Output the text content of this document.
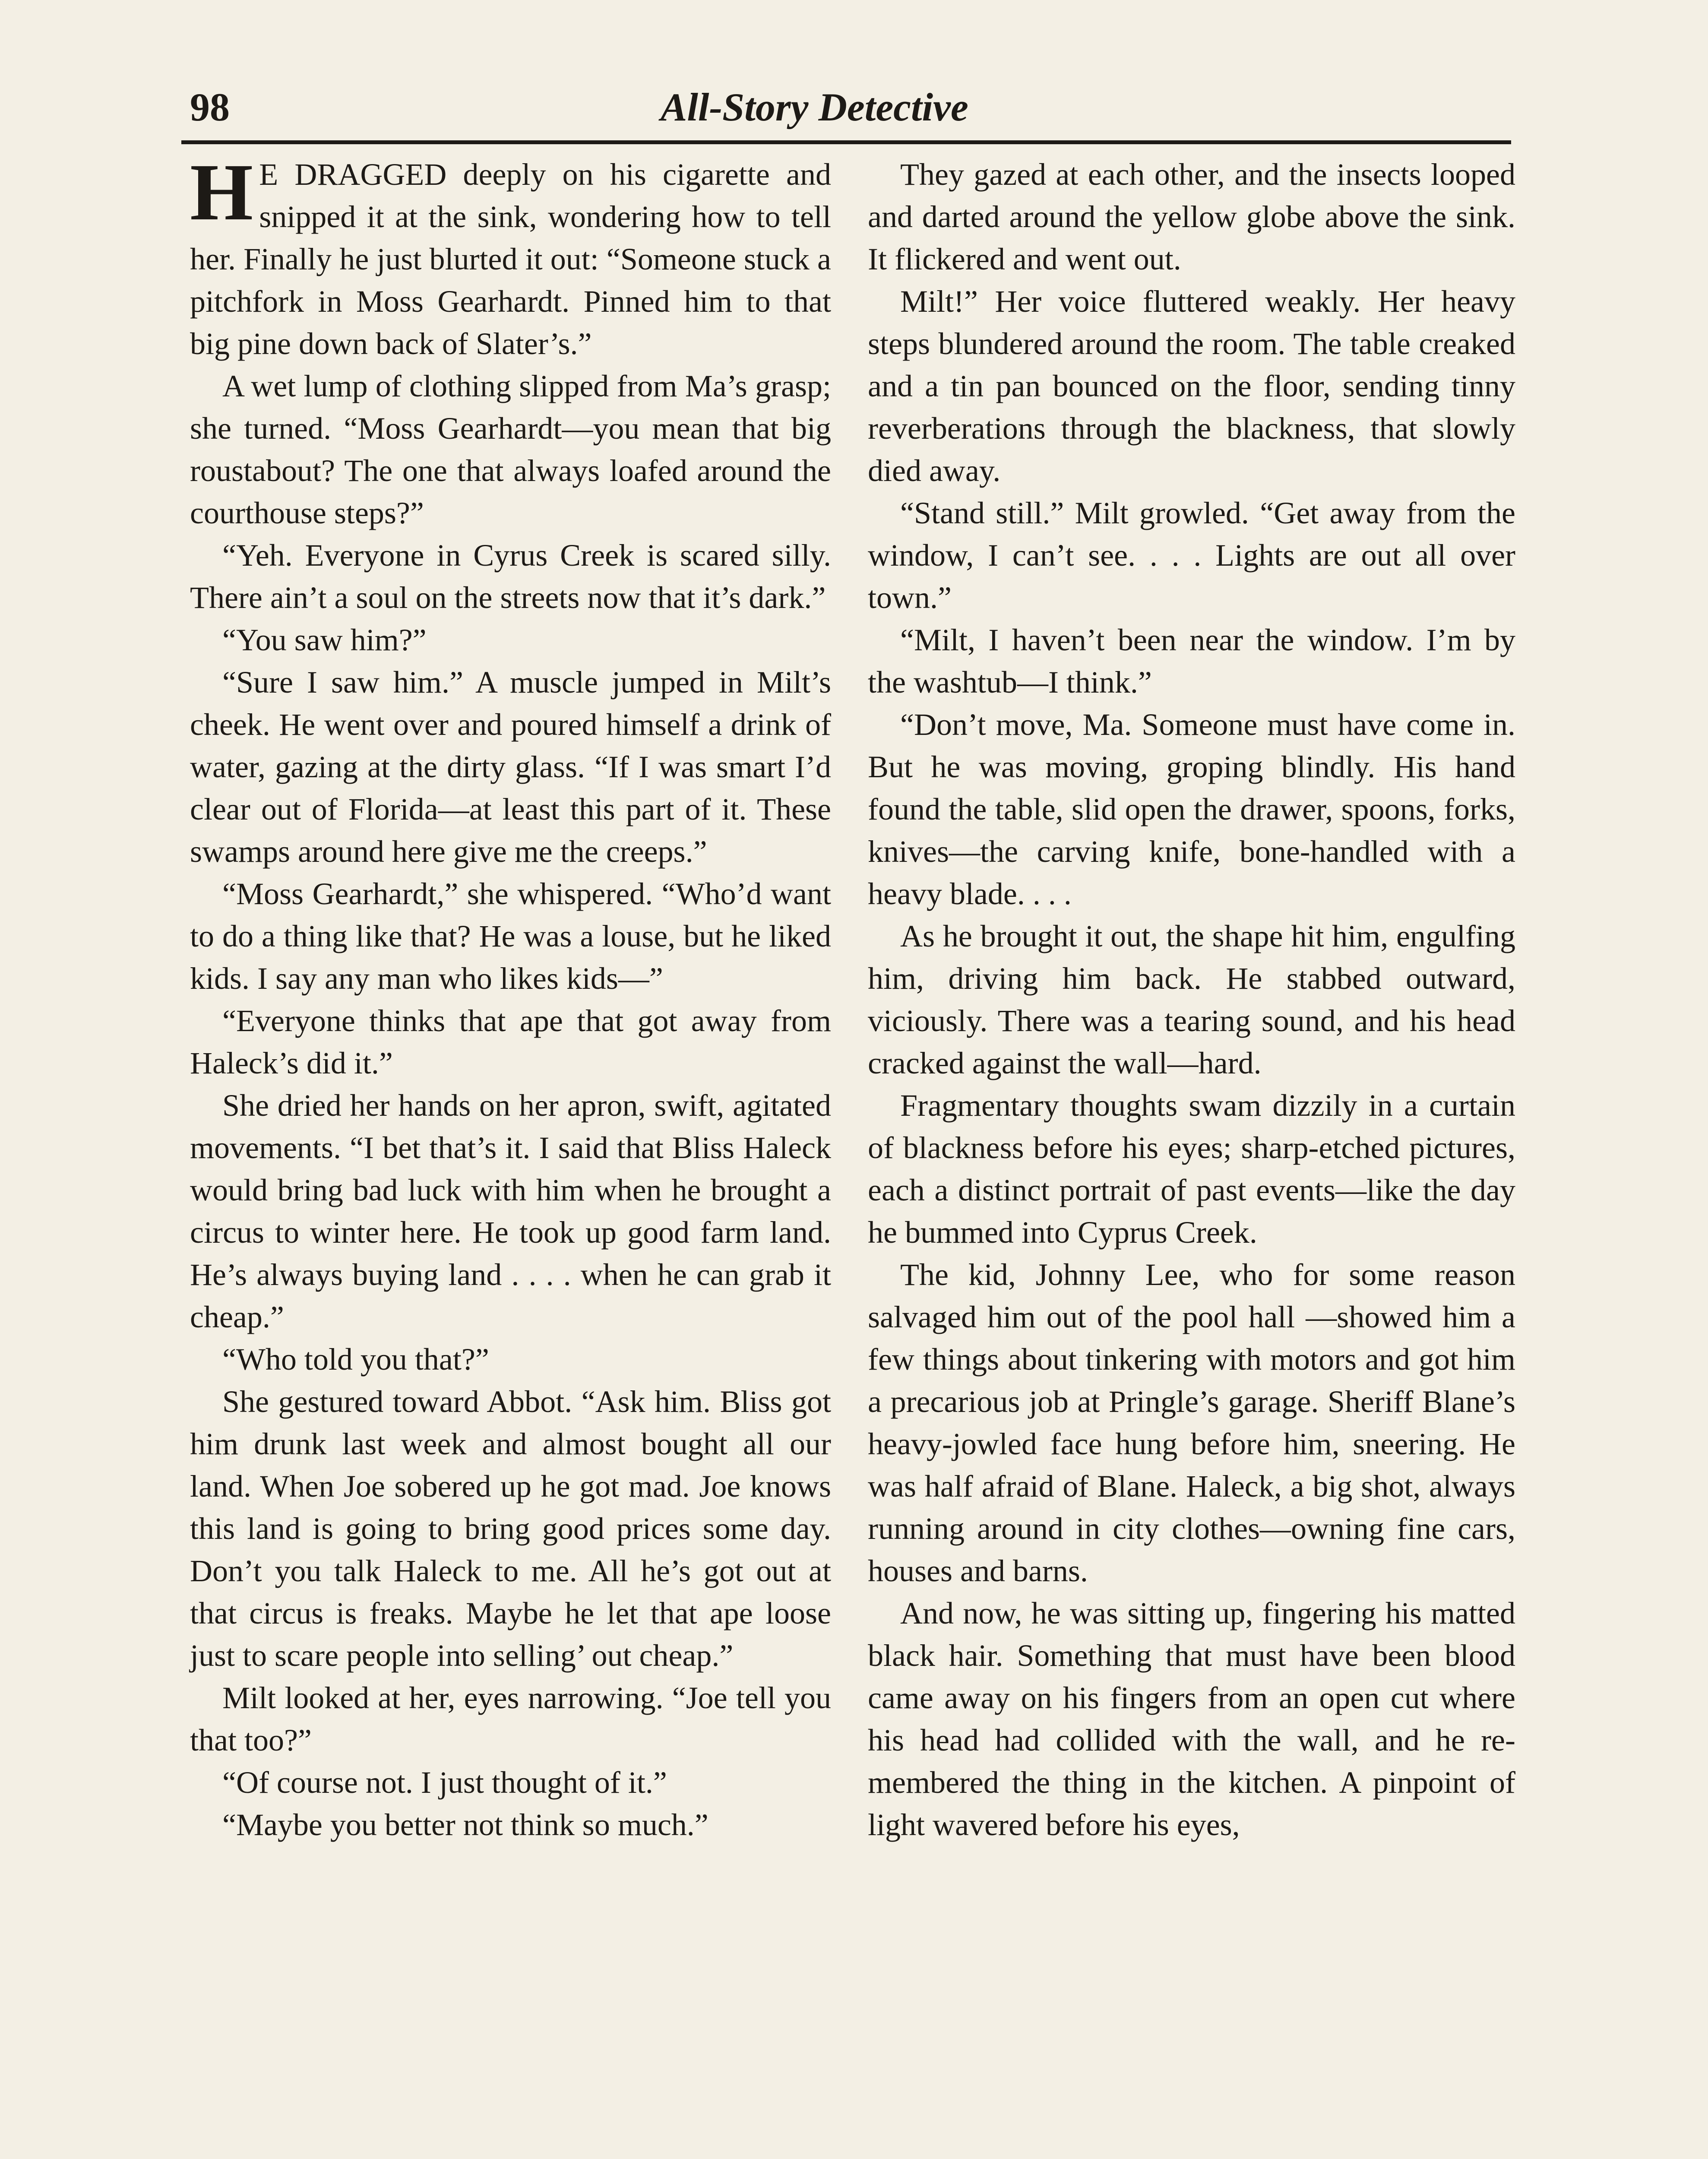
98	All-Story Detective

H E DRAGGED deeply on his cigarette and snipped it at the sink, wondering how to tell her. Finally he just blurted it out: “Someone stuck a pitchfork in Moss Gearhardt. Pinned him to that big pine down back of Slater’s.”

A wet lump of clothing slipped from Ma’s grasp; she turned. “Moss Gearhardt—you mean that big roustabout? The one that always loafed around the courthouse steps?”

“Yeh. Everyone in Cyrus Creek is scared silly. There ain’t a soul on the streets now that it’s dark.”

“You saw him?”

“Sure I saw him.” A muscle jumped in Milt’s cheek. He went over and poured himself a drink of water, gazing at the dirty glass. “If I was smart I’d clear out of Florida—at least this part of it. These swamps around here give me the creeps.”

“Moss Gearhardt,” she whispered. “Who’d want to do a thing like that? He was a louse, but he liked kids. I say any man who likes kids—”

“Everyone thinks that ape that got away from Haleck’s did it.”

She dried her hands on her apron, swift, agitated movements. “I bet that’s it. I said that Bliss Haleck would bring bad luck with him when he brought a circus to winter here. He took up good farm land. He’s always buying land . . . . when he can grab it cheap.”

“Who told you that?”

She gestured toward Abbot. “Ask him. Bliss got him drunk last week and almost bought all our land. When Joe sobered up he got mad. Joe knows this land is going to bring good prices some day. Don’t you talk Haleck to me. All he’s got out at that circus is freaks. Maybe he let that ape loose just to scare people into selling’ out cheap.”

Milt looked at her, eyes narrowing. “Joe tell you that too?”

“Of course not. I just thought of it.”

“Maybe you better not think so much.”

They gazed at each other, and the insects looped and darted around the yellow globe above the sink. It flickered and went out.

Milt!” Her voice fluttered weakly. Her heavy steps blundered around the room. The table creaked and a tin pan bounced on the floor, sending tinny reverberations through the blackness, that slowly died away.

“Stand still.” Milt growled. “Get away from the window, I can’t see. . . . Lights are out all over town.”

“Milt, I haven’t been near the window. I’m by the washtub—I think.”

“Don’t move, Ma. Someone must have come in. But he was moving, groping blindly. His hand found the table, slid open the drawer, spoons, forks, knives—the carving knife, bone-handled with a heavy blade. . . .

As he brought it out, the shape hit him, engulfing him, driving him back. He stabbed outward, viciously. There was a tearing sound, and his head cracked against the wall—hard.

Fragmentary thoughts swam dizzily in a curtain of blackness before his eyes; sharp-etched pictures, each a distinct portrait of past events—like the day he bummed into Cyprus Creek.

The kid, Johnny Lee, who for some reason salvaged him out of the pool hall —showed him a few things about tinkering with motors and got him a precarious job at Pringle’s garage. Sheriff Blane’s heavy-jowled face hung before him, sneering. He was half afraid of Blane. Haleck, a big shot, always running around in city clothes—owning fine cars, houses and barns.

And now, he was sitting up, fingering his matted black hair. Something that must have been blood came away on his fingers from an open cut where his head had collided with the wall, and he remembered the thing in the kitchen. A pinpoint of light wavered before his eyes,
